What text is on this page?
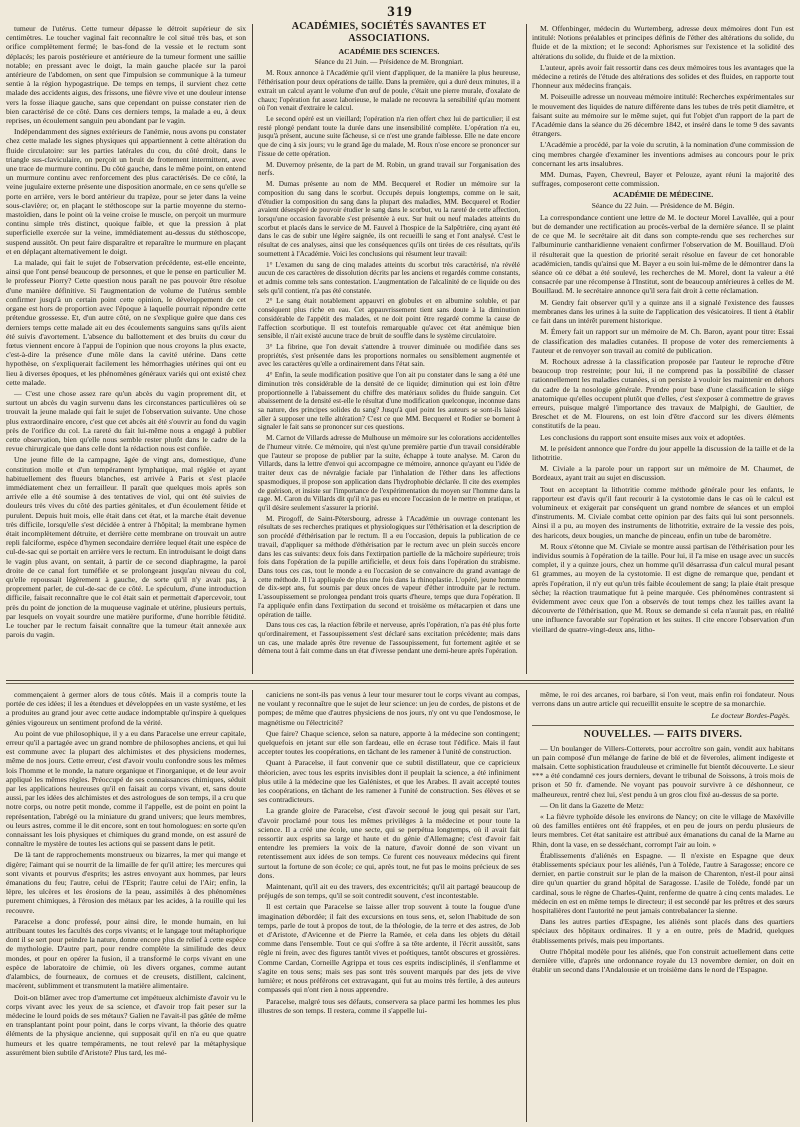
319

tumeur de l'utérus. Cette tumeur dépasse le détroit supérieur de six centimètres. Le toucher vaginal fait reconnaître le col situé très bas, et son orifice complètement fermé; le bas-fond de la vessie et le rectum sont déplacés; les parois postérieure et antérieure de la tumeur forment une saillie notable; en pressant avec le doigt, la main gauche placée sur la paroi antérieure de l'abdomen, on sent que l'impulsion se communique à la tumeur sentie à la région hypogastrique. De temps en temps, il survient chez cette malade des accidents aigus, des frissons, une fièvre vive et une douleur intense vers la fosse iliaque gauche, sans que cependant on puisse constater rien de bien caractérisé de ce côté. Dans ces derniers temps, la malade a eu, à deux reprises, un écoulement sanguin peu abondant par le vagin.

Indépendamment des signes extérieurs de l'anémie, nous avons pu constater chez cette malade les signes physiques qui appartiennent à cette altération du fluide circulatoire: sur les parties latérales du cou, du côté droit, dans le triangle sus-claviculaire, on perçoit un bruit de frottement intermittent, avec une trace de murmure continu. Du côté gauche, dans le même point, on entend un murmure continu avec renforcement des plus caractérisés. De ce côté, la veine jugulaire externe présente une disposition anormale, en ce sens qu'elle se porte en arrière, vers le bord antérieur du trapèze, pour se jeter dans la veine sous-clavière; or, en plaçant le stéthoscope sur la partie moyenne du sterno-mastoïdien, dans le point où la veine croise le muscle, on perçoit un murmure continu simple très distinct, quoique faible, et que la pression à plat superficielle exercée sur la veine, immédiatement au-dessus du stéthoscope, suspend aussitôt. On peut faire disparaître et reparaître le murmure en plaçant et en déplaçant alternativement le doigt.

La malade, qui fait le sujet de l'observation précédente, est-elle enceinte, ainsi que l'ont pensé beaucoup de personnes, et que le pense en particulier M. le professeur Piorry? Cette question nous paraît ne pas pouvoir être résolue d'une manière définitive. Si l'augmentation de volume de l'utérus semble confirmer jusqu'à un certain point cette opinion, le développement de cet organe est hors de proportion avec l'époque à laquelle pourrait répondre cette prétendue grossesse. Et, d'un autre côté, on ne s'explique guère que dans ces derniers temps cette malade ait eu des écoulements sanguins sans qu'ils aient été suivis d'avortement. L'absence du ballottement et des bruits du cœur du fœtus viennent encore à l'appui de l'opinion que nous croyons la plus exacte, c'est-à-dire la présence d'une môle dans la cavité utérine. Dans cette hypothèse, on s'expliquerait facilement les hémorrhagies utérines qui ont eu lieu à diverses époques, et les phénomènes généraux variés qui ont existé chez cette malade.

— C'est une chose assez rare qu'un abcès du vagin proprement dit, et surtout un abcès du vagin survenu dans les circonstances particulières où se trouvait la jeune malade qui fait le sujet de l'observation suivante. Une chose plus extraordinaire encore, c'est que cet abcès ait été s'ouvrir au fond du vagin près de l'orifice du col. La rareté du fait lui-même nous a engagé à publier cette observation, bien qu'elle nous semble rester plutôt dans le cadre de la revue chirurgicale que dans celle dont la rédaction nous est confiée.

Une jeune fille de la campagne, âgée de vingt ans, domestique, d'une constitution molle et d'un tempérament lymphatique, mal réglée et ayant habituellement des flueurs blanches, est arrivée à Paris et s'est placée immédiatement chez un ferrailleur. Il paraît que quelques mois après son arrivée elle a été soumise à des tentatives de viol, qui ont été suivies de douleurs très vives du côté des parties génitales, et d'un écoulement fétide et purulent. Depuis huit mois, elle était dans cet état, et la marche était devenue très difficile, lorsqu'elle s'est décidée à entrer à l'hôpital; la membrane hymen était incomplètement détruite, et derrière cette membrane on trouvait un autre repli falciforme, espèce d'hymen secondaire derrière lequel était une espèce de cul-de-sac qui se portait en arrière vers le rectum. En introduisant le doigt dans le vagin plus avant, on sentait, à partir de ce second diaphragme, la paroi droite de ce canal fort tuméfiée et se prolongeant jusqu'au niveau du col, qu'elle repoussait légèrement à gauche, de sorte qu'il n'y avait pas, à proprement parler, de cul-de-sac de ce côté. Le spéculum, d'une introduction difficile, faisait reconnaître que le col était sain et permettait d'apercevoir, tout près du point de jonction de la muqueuse vaginale et utérine, plusieurs pertuis, par lesquels on voyait sourdre une matière puriforme, d'une horrible fétidité. Le toucher par le rectum faisait connaître que la tumeur était annexée aux parois du vagin.

ACADÉMIES, SOCIÉTÉS SAVANTES ET ASSOCIATIONS.
ACADÉMIE DES SCIENCES.
Séance du 21 Juin. — Présidence de M. Brongniart.

M. Roux annonce à l'Académie qu'il vient d'appliquer, de la manière la plus heureuse, l'éthérisation pour deux opérations de taille. Dans la première, qui a duré deux minutes, il a extrait un calcul ayant le volume d'un œuf de poule, c'était une pierre murale, d'oxalate de chaux; l'opération fut assez laborieuse, le malade ne recouvra la sensibilité qu'au moment où l'on venait d'extraire le calcul.

Le second opéré est un vieillard; l'opération n'a rien offert chez lui de particulier; il est resté plongé pendant toute la durée dans une insensibilité complète. L'opération n'a eu, jusqu'à présent, aucune suite fâcheuse, si ce n'est une grande faiblesse. Elle ne date encore que de cinq à six jours; vu le grand âge du malade, M. Roux n'ose encore se prononcer sur l'issue de cette opération.

M. Duvernoy présente, de la part de M. Robin, un grand travail sur l'organisation des nerfs.

M. Dumas présente au nom de MM. Becquerel et Rodier un mémoire sur la composition du sang dans le scorbut. Occupés depuis longtemps, comme on le sait, d'étudier la composition du sang dans la plupart des maladies, MM. Becquerel et Rodier avaient désespéré de pouvoir étudier le sang dans le scorbut, vu la rareté de cette affection, lorsqu'une occasion favorable s'est présentée à eux. Sur huit ou neuf malades atteints du scorbut et placés dans le service de M. Fauvel à l'hospice de la Salpêtrière, cinq ayant été dans le cas de subir une légère saignée, ils ont recueilli le sang et l'ont analysé. C'est le résultat de ces analyses, ainsi que les conséquences qu'ils ont tirées de ces résultats, qu'ils soumettent à l'Académie. Voici les conclusions qui résument leur travail:

1° L'examen du sang de cinq malades atteints du scorbut très caractérisé, n'a révélé aucun de ces caractères de dissolution décrits par les anciens et regardés comme constants, et admis comme tels sans contestation. L'augmentation de l'alcalinité de ce liquide ou des sels qu'il contient, n'a pas été constatée.

2° Le sang était notablement appauvri en globules et en albumine soluble, et par conséquent plus riche en eau. Cet appauvrissement tient sans doute à la diminution considérable de l'appétit des malades, et ne doit point être regardé comme la cause de l'affection scorbutique. Il est toutefois remarquable qu'avec cet état anémique bien sensible, il n'ait existé aucune trace de bruit de souffle dans le système circulatoire.

3° La fibrine, que l'on devait s'attendre à trouver diminuée ou modifiée dans ses propriétés, s'est présentée dans les proportions normales ou sensiblement augmentée et avec les caractères qu'elle a ordinairement dans l'état sain.

4° Enfin, la seule modification positive que l'on ait pu constater dans le sang a été une diminution très considérable de la densité de ce liquide; diminution qui est loin d'être proportionnelle à l'abaissement du chiffre des matériaux solides du fluide sanguin. Cet abaissement de la densité est-elle le résultat d'une modification quelconque, inconnue dans sa nature, des principes solides du sang? Jusqu'à quel point les auteurs se sont-ils laissé aller à supposer une telle altération? C'est ce que MM. Becquerel et Rodier se bornent à signaler le fait sans se prononcer sur ces questions.

M. Carnot de Villards adresse de Mulhouse un mémoire sur les colorations accidentelles de l'humeur vitrée. Ce mémoire, qui n'est qu'une première partie d'un travail considérable que l'auteur se propose de publier par la suite, échappe à toute analyse. M. Caron du Villards, dans la lettre d'envoi qui accompagne ce mémoire, annonce qu'ayant eu l'idée de traiter deux cas de névralgie faciale par l'inhalation de l'éther dans les affections spasmodiques, il propose son application dans l'hydrophobie déclarée. Il cite des exemples de guérison, et insiste sur l'importance de l'expérimentation du moyen sur l'homme dans la rage. M. Caron du Villards dit qu'il n'a pas eu encore l'occasion de le mettre en pratique, et qu'il désire seulement s'assurer la priorité.

M. Pirogoff, de Saint-Pétersbourg, adresse à l'Académie un ouvrage contenant les résultats de ses recherches pratiques et physiologiques sur l'éthérisation et la description de son procédé d'éthérisation par le rectum. Il a eu l'occasion, depuis la publication de ce travail, d'appliquer sa méthode d'éthérisation par le rectum avec un plein succès encore dans les cas suivants: deux fois dans l'extirpation partielle de la mâchoire supérieure; trois fois dans l'opération de la pupille artificielle, et deux fois dans l'opération du strabisme. Dans tous ces cas, tout le monde a eu l'occasion de se convaincre du grand avantage de cette méthode. Il l'a appliquée de plus une fois dans la rhinoplastie. L'opéré, jeune homme de dix-sept ans, fut soumis par deux onces de vapeur d'éther introduite par le rectum. L'assoupissement se prolongea pendant trois quarts d'heure, temps que dura l'opération. Il l'a appliquée enfin dans l'extirpation du second et troisième os métacarpien et dans une opération de taille.

Dans tous ces cas, la réaction fébrile et nerveuse, après l'opération, n'a pas été plus forte qu'ordinairement, et l'assoupissement s'est déclaré sans excitation précédente; mais dans un cas, une malade après être revenue de l'assoupissement, fut fortement agitée et se démena tout à fait comme dans un état d'ivresse pendant une demi-heure après l'opération.

M. Offenbinger, médecin du Wurtemberg, adresse deux mémoires dont l'un est intitulé: Notions préalables et principes définis de l'éther des altérations du solide, du fluide et de la mixtion; et le second: Aphorismes sur l'existence et la solidité des altérations du solide, du fluide et de la mixtion.

L'auteur, après avoir fait ressortir dans ces deux mémoires tous les avantages que la médecine a retirés de l'étude des altérations des solides et des fluides, en rapporte tout l'honneur aux médecins français.

M. Poiseuille adresse un nouveau mémoire intitulé: Recherches expérimentales sur le mouvement des liquides de nature différente dans les tubes de très petit diamètre, et faisant suite au mémoire sur le même sujet, qui fut l'objet d'un rapport de la part de l'Académie dans la séance du 26 décembre 1842, et inséré dans le tome 9 des savants étrangers.

L'Académie a procédé, par la voie du scrutin, à la nomination d'une commission de cinq membres chargée d'examiner les inventions admises au concours pour le prix concernant les arts insalubres.

MM. Dumas, Payen, Chevreul, Bayer et Pelouze, ayant réuni la majorité des suffrages, composeront cette commission.

ACADÉMIE DE MÉDECINE.
Séance du 22 Juin. — Présidence de M. Bégin.

La correspondance contient une lettre de M. le docteur Morel Lavallée, qui a pour but de demander une rectification au procès-verbal de la dernière séance. Il se plaint de ce que M. le secrétaire ait dit dans son compte-rendu que ses recherches sur l'albuminurie cantharidienne venaient confirmer l'observation de M. Bouillaud. D'où il résulterait que la question de priorité serait résolue en faveur de cet honorable académicien, tandis qu'ainsi que M. Bayer a eu soin lui-même de le démontrer dans la séance où ce débat a été soulevé, les recherches de M. Morel, dont la valeur a été consacrée par une récompense à l'Institut, sont de beaucoup antérieures à celles de M. Bouillaud. M. le secrétaire annonce qu'il sera fait droit à cette réclamation.

M. Gendry fait observer qu'il y a quinze ans il a signalé l'existence des fausses membranes dans les urines à la suite de l'application des vésicatoires. Il tient à établir ce fait dans un intérêt purement historique.

M. Émery fait un rapport sur un mémoire de M. Ch. Baron, ayant pour titre: Essai de classification des maladies cutanées. Il propose de voter des remerciements à l'auteur et de renvoyer son travail au comité de publication.

M. Rochoux adresse à la classification proposée par l'auteur le reproche d'être beaucoup trop restreinte; pour lui, il ne comprend pas la possibilité de classer rationnellement les maladies cutanées, si on persiste à vouloir les maintenir en dehors du cadre de la nosologie générale. Prendre pour base d'une classification le siège anatomique qu'elles occupent plutôt que d'elles, c'est s'exposer à commettre de graves erreurs, puisque malgré l'importance des travaux de Malpighi, de Gaultier, de Breschet et de M. Flourens, on est loin d'être d'accord sur les divers éléments constitutifs de la peau.

Les conclusions du rapport sont ensuite mises aux voix et adoptées.

M. le président annonce que l'ordre du jour appelle la discussion de la taille et de la lithotritie.

M. Civiale a la parole pour un rapport sur un mémoire de M. Chaumet, de Bordeaux, ayant trait au sujet en discussion.

Tout en acceptant la lithotritie comme méthode générale pour les enfants, le rapporteur est d'avis qu'il faut recourir à la cystotomie dans le cas où le calcul est volumineux et exigerait par conséquent un grand nombre de séances et un emploi d'instruments. M. Civiale combat cette opinion par des faits qui lui sont personnels. Ainsi il a pu, au moyen des instruments de lithotritie, extraire de la vessie des pois, des haricots, deux bougies, un manche de pinceau, enfin un tube de baromètre.

M. Roux s'étonne que M. Civiale se montre aussi partisan de l'éthérisation pour les individus soumis à l'opération de la taille. Pour lui, il l'a mise en usage avec un succès complet, il y a quinze jours, chez un homme qu'il désarrassa d'un calcul mural pesant 61 grammes, au moyen de la cystotomie. Il est digne de remarque que, pendant et après l'opération, il n'y eut qu'un très faible écoulement de sang; la plaie était presque sèche; la réaction traumatique fut à peine marquée. Ces phénomènes contrastent si évidemment avec ceux que l'on a observés de tout temps chez les tailles avant la découverte de l'éthérisation, que M. Roux se demande si cela n'aurait pas, en réalité une influence favorable sur l'opération et les suites. Il cite encore l'observation d'un vieillard de quatre-vingt-deux ans, litho-

commençaient à germer alors de tous côtés. Mais il a compris toute la portée de ces idées; il les a étendues et développées en un vaste système, et les a produites au grand jour avec cette audace indomptable qu'inspire à quelques génies vigoureux un sentiment profond de la vérité.

Au point de vue philosophique, il y a eu dans Paracelse une erreur capitale, erreur qu'il a partagée avec un grand nombre de philosophes anciens, et qui lui est commune avec la plupart des alchimistes et des physiciens modernes, même de nos jours. Cette erreur, c'est d'avoir voulu confondre sous les mêmes lois l'homme et le monde, la nature organique et l'inorganique, et de leur avoir appliqué les mêmes règles. Préoccupé de ses connaissances chimiques, séduit par les applications heureuses qu'il en faisait au corps vivant, et, sans doute aussi, par les idées des alchimistes et des astrologues de son temps, il a cru que notre corps, ou notre petit monde, comme il l'appelle, est de point en point la représentation, l'abrégé ou la miniature du grand univers; que leurs membres, ou leurs astres, comme il le dit encore, sont en tout homologues: en sorte qu'en connaissant les lois physiques et chimiques du grand monde, on est assuré de connaître le mystère de toutes les actions qui se passent dans le petit.

De là tant de rapprochements monstrueux ou bizarres, la mer qui mange et digère; l'aimant qui se nourrit de la limaille de fer qu'il attire; les mercures qui sont vivants et pourvus d'esprits; les astres envoyant aux hommes, par leurs émanations du feu; l'autre, celui de l'Esprit; l'autre celui de l'Air; enfin, la lèpre, les ulcères et les érosions de la peau, assimilés à des phénomènes purement chimiques, à l'érosion des métaux par les acides, à la rouille qui les recouvre.

Paracelse a donc professé, pour ainsi dire, le monde humain, en lui attribuant toutes les facultés des corps vivants; et le langage tout métaphorique dont il se sert pour peindre la nature, donne encore plus de relief à cette espèce de mythologie. D'autre part, pour rendre complète la similitude des deux mondes, et pour en opérer la fusion, il a transformé le corps vivant en une espèce de laboratoire de chimie, où les divers organes, comme autant d'alambics, de fourneaux, de cornues et de creusets, distillent, calcinent, macèrent, sublimment et transmutent la matière alimentaire.

Doit-on blâmer avec trop d'amertume cet impétueux alchimiste d'avoir vu le corps vivant avec les yeux de sa science, et d'avoir trop fait peser sur la médecine le lourd poids de ses métaux? Galien ne l'avait-il pas gâtée de même en transplantant point pour point, dans le corps vivant, la théorie des quatre éléments de la physique ancienne, qui supposait qu'il en n'a eu que quatre humeurs et les quatre tempéraments, ne tout relevé par la métaphysique assurément bien subtile d'Aristote? Plus tard, les mé-

caniciens ne sont-ils pas venus à leur tour mesurer tout le corps vivant au compas, ne voulant y reconnaître que le sujet de leur science: un jeu de cordes, de pistons et de pompes; de même que d'autres physiciens de nos jours, n'y ont vu que l'endosmose, le magnétisme ou l'électricité?

Que faire? Chaque science, selon sa nature, apporte à la médecine son contingent; quelquefois en jetant sur elle son fardeau, elle en écrase tout l'édifice. Mais il faut accepter toutes les coopérations, en tâchant de les ramener à l'unité de construction.

Quant à Paracelse, il faut convenir que ce subtil distillateur, que ce capricieux théoricien, avec tous les esprits invisibles dont il peuplait la science, a été infiniment plus utile à la médecine que les Galénistes, et que les Arabes. Il avait accepté toutes les coopérations, en tâchant de les ramener à l'unité de construction. Ses élèves et se ses contradicteurs.

La grande gloire de Paracelse, c'est d'avoir secoué le joug qui pesait sur l'art, d'avoir proclamé pour tous les mêmes privilèges à la médecine et pour toute la science. Il a créé une école, une secte, qui se perpétua longtemps, où il avait fait ressortir aux esprits sa large et haute et du génie d'Allemagne; c'est d'avoir fait entendre les premiers la voix de la nature, d'avoir donné de son vivant un retentissement aux idées de son temps. Ce furent ces nouveaux médecins qui firent surtout la fortune de son école; ce qui, après tout, ne fut pas le moins précieux de ses dons.

Maintenant, qu'il ait eu des travers, des excentricités; qu'il ait partagé beaucoup de préjugés de son temps, qu'il se soit contredit souvent, c'est incontestable.

Il est certain que Paracelse se laisse aller trop souvent à toute la fougue d'une imagination débordée; il fait des excursions en tous sens, et, selon l'habitude de son temps, parle de tout à propos de tout, de la théologie, de la terre et des astres, de Job et d'Aristote, d'Avicenne et de Pierre la Ramée, et cela dans les objets du détail comme dans l'ensemble. Tout ce qui s'offre à sa tête ardente, il l'écrit aussitôt, sans règle ni frein, avec des figures tantôt vives et poétiques, tantôt obscures et grossières. Comme Cardan, Corneille Agrippa et tous ces esprits indisciplinés, il s'enflamme et s'agite en tous sens; mais ses pas sont très souvent marqués par des jets de vive lumière; et nous préférons cet extravagant, qui fut au moins très fertile, à des auteurs compassés qui n'ont rien à nous apprendre.

Paracelse, malgré tous ses défauts, conservera sa place parmi les hommes les plus illustres de son temps. Il restera, comme il s'appelle lui-

même, le roi des arcanes, roi barbare, si l'on veut, mais enfin roi fondateur. Nous verrons dans un autre article qui recueillit ensuite le sceptre de sa monarchie.

Le docteur Bordes-Pagès.
NOUVELLES. — FAITS DIVERS.

— Un boulanger de Villers-Cotterets, pour accroître son gain, vendit aux habitans un pain composé d'un mélange de farine de blé et de fèveroles, aliment indigeste et malsain. Cette sophistication frauduleuse et criminelle fut bientôt découverte. Le sieur *** a été condamné ces jours derniers, devant le tribunal de Soissons, à trois mois de prison et 50 fr. d'amende. Ne voyant pas pouvoir survivre à ce déshonneur, ce malheureux, rentré chez lui, s'est pendu à un gros clou fixé au-dessus de sa porte.

— On lit dans la Gazette de Metz:

« La fièvre typhoïde désole les environs de Nancy; on cite le village de Maxéville où des familles entières ont été frappées, et en peu de jours on perdu plusieurs de leurs membres. Cet état sanitaire est attribué aux émanations du canal de la Marne au Rhin, dont la vase, en se desséchant, corrompt l'air au loin. »

Établissements d'aliénés en Espagne. — Il n'existe en Espagne que deux établissements spéciaux pour les aliénés, l'un à Tolède, l'autre à Saragosse; encore ce dernier, en partie construit sur le plan de la maison de Charenton, n'est-il pour ainsi dire qu'un quartier du grand hôpital de Saragosse. L'asile de Tolède, fondé par un cardinal, sous le règne de Charles-Quint, renferme de quatre à cinq cents malades. Le médecin en est en même temps le directeur; il est secondé par les prêtres et des sœurs hospitalières dont l'autorité ne peut jamais contrebalancer la sienne.

Dans les autres parties d'Espagne, les aliénés sont placés dans des quartiers spéciaux des hôpitaux ordinaires. Il y a en outre, près de Madrid, quelques établissements privés, mais peu importants.

Outre l'hôpital modèle pour les aliénés, que l'on construit actuellement dans cette dernière ville, d'après une ordonnance royale du 13 novembre dernier, on doit en établir un second dans l'Andalousie et un troisième dans le nord de l'Espagne.
